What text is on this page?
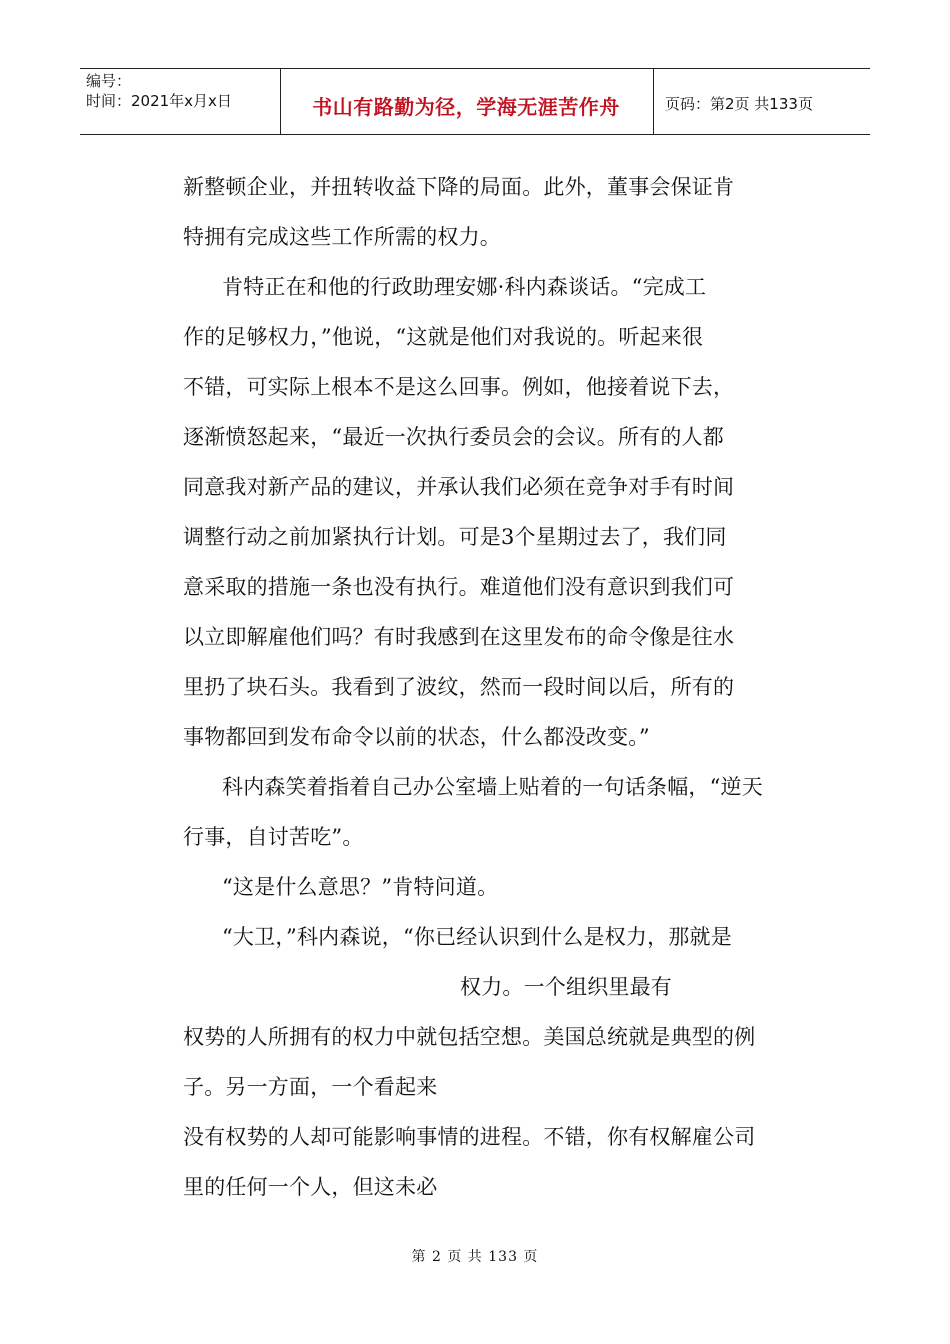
编号：
时间：2021年x月x日	书山有路勤为径，学海无涯苦作舟	页码：第2页 共133页
新整顿企业，并扭转收益下降的局面。此外，董事会保证肯
特拥有完成这些工作所需的权力。
肯特正在和他的行政助理安娜·科内森谈话。“完成工
作的足够权力，”他说，“这就是他们对我说的。听起来很
不错，可实际上根本不是这么回事。例如，他接着说下去，
逐渐愤怒起来，“最近一次执行委员会的会议。所有的人都
同意我对新产品的建议，并承认我们必须在竞争对手有时间
调整行动之前加紧执行计划。可是3个星期过去了，我们同
意采取的措施一条也没有执行。难道他们没有意识到我们可
以立即解雇他们吗？有时我感到在这里发布的命令像是往水
里扔了块石头。我看到了波纹，然而一段时间以后，所有的
事物都回到发布命令以前的状态，什么都没改变。”
科内森笑着指着自己办公室墙上贴着的一句话条幅，“逆天
行事，自讨苦吃”。
“这是什么意思？”肯特问道。
“大卫，”科内森说，“你已经认识到什么是权力，那就是
权力。一个组织里最有
权势的人所拥有的权力中就包括空想。美国总统就是典型的例
子。另一方面，一个看起来
没有权势的人却可能影响事情的进程。不错，你有权解雇公司
里的任何一个人，但这未必
第 2 页 共 133 页
